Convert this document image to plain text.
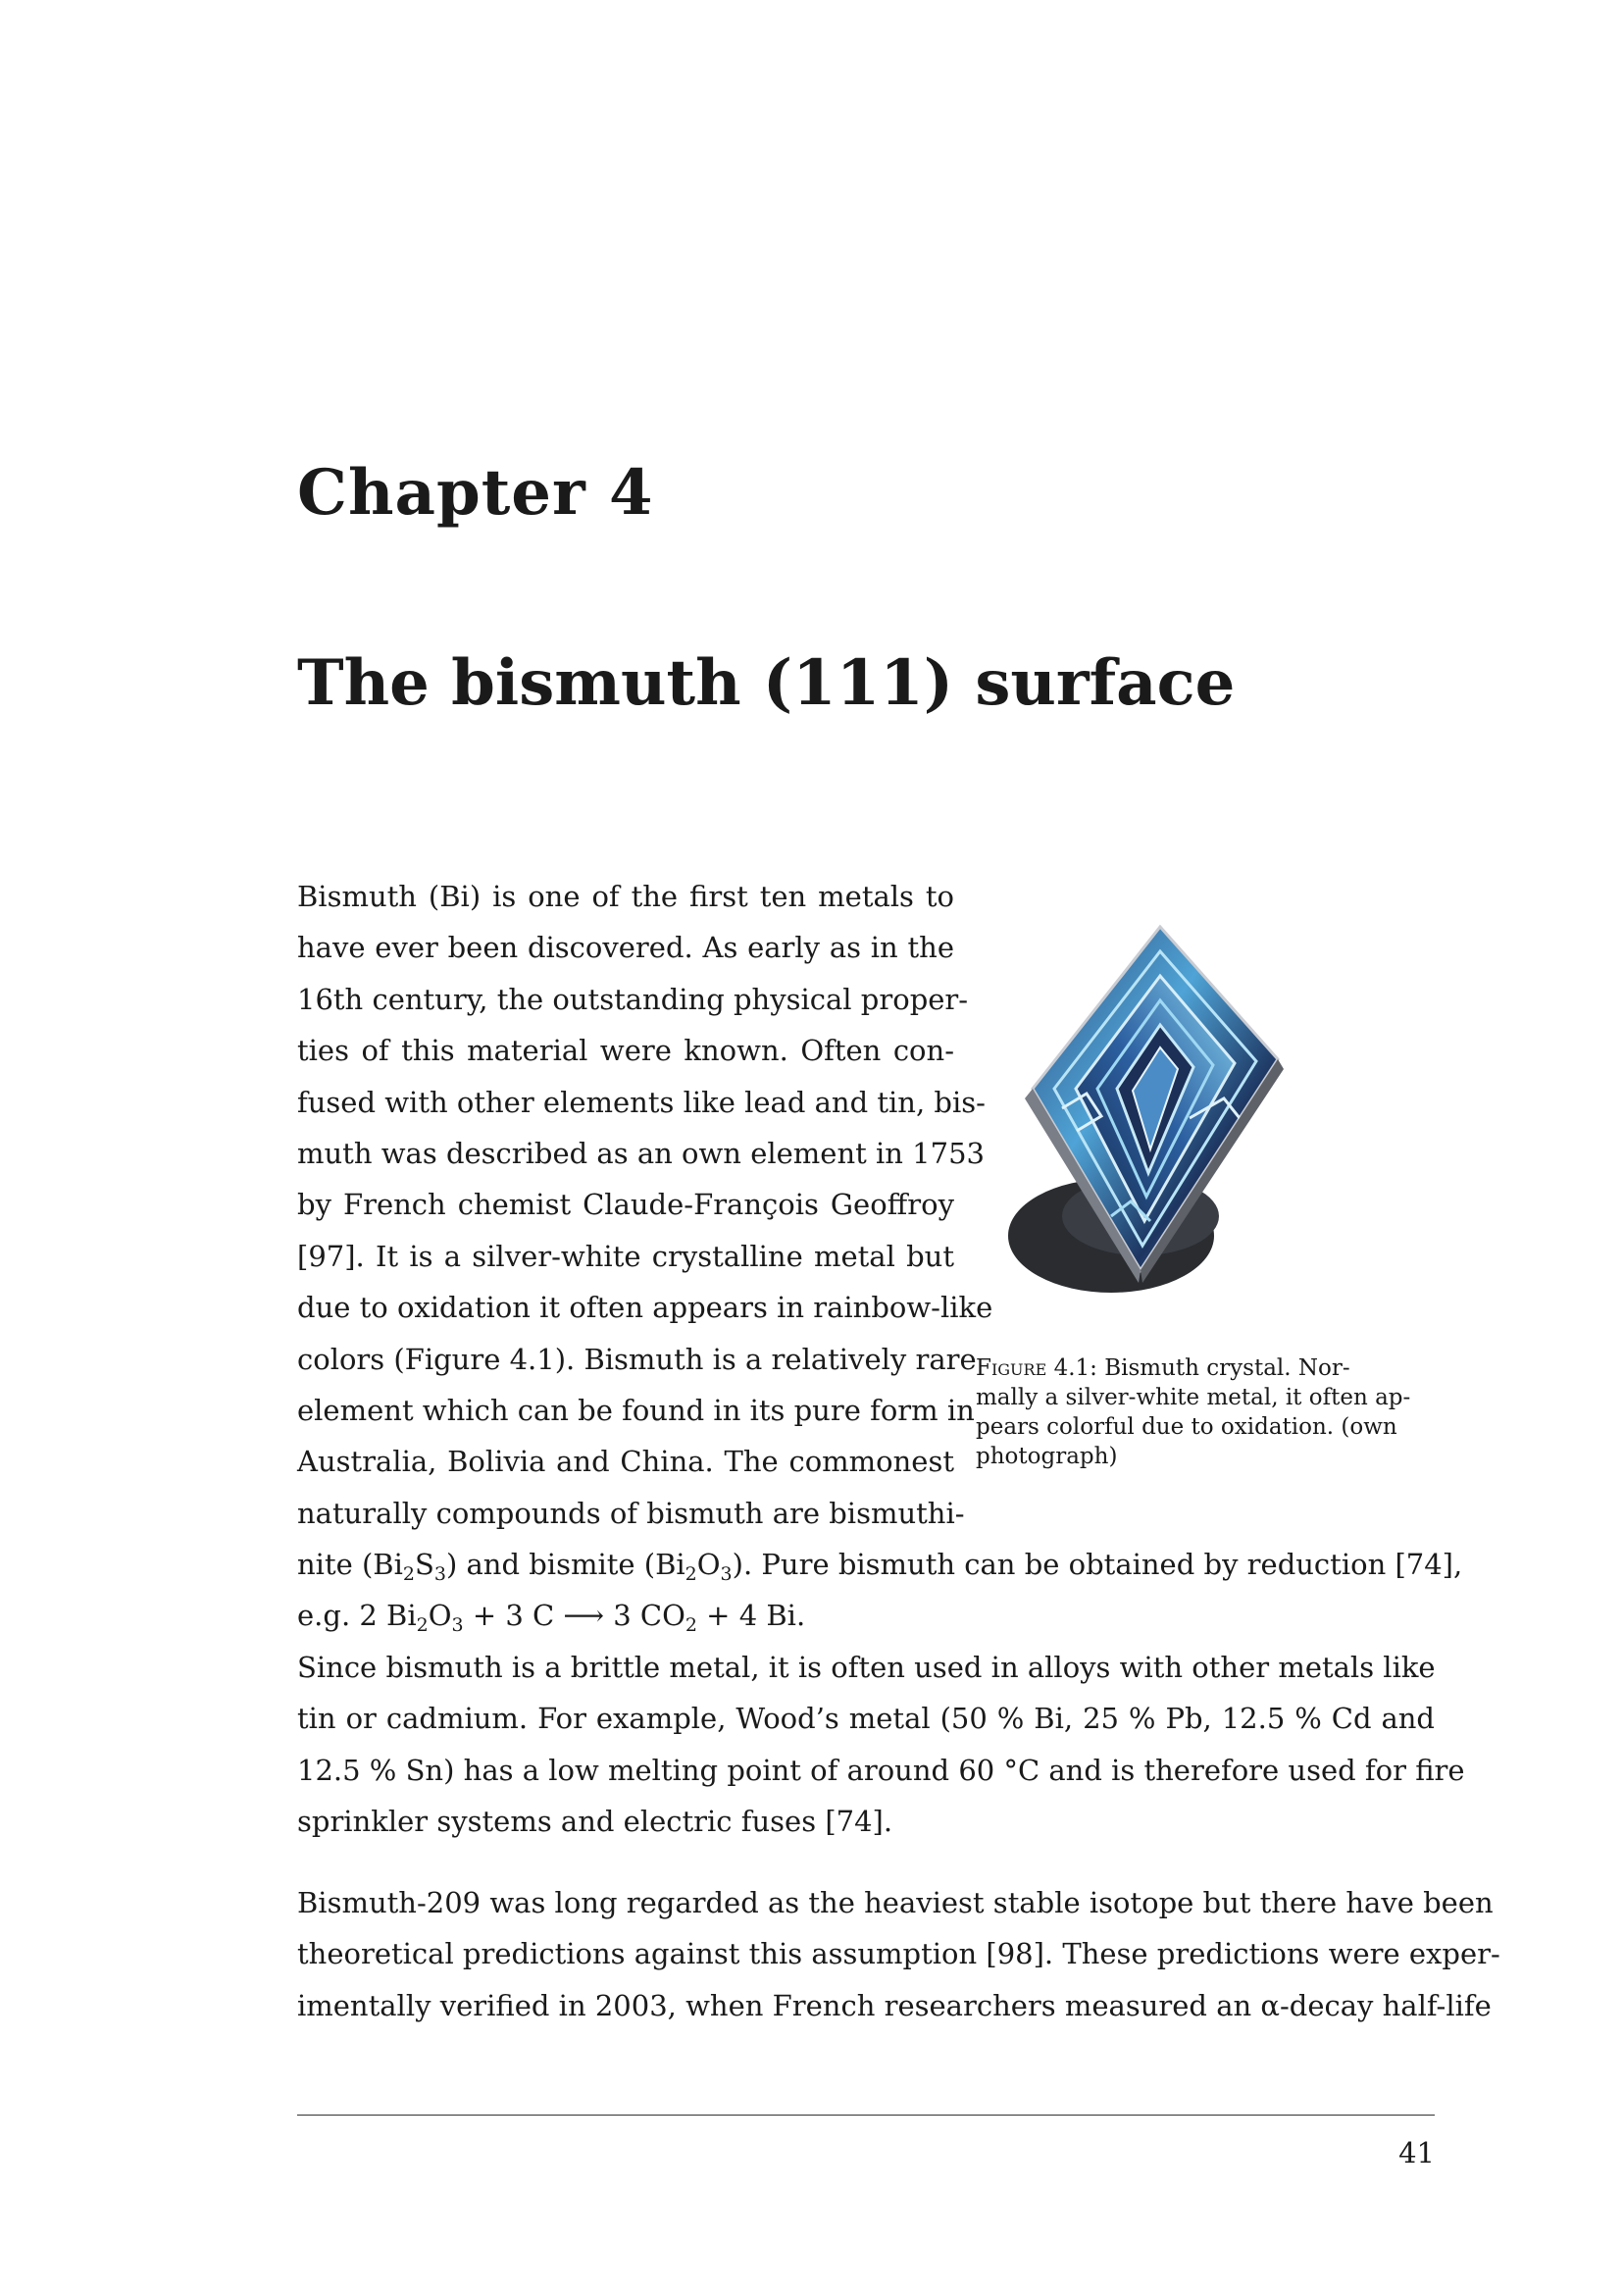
Chapter 4
The bismuth (111) surface
Bismuth (Bi) is one of the first ten metals to
have ever been discovered. As early as in the
16th century, the outstanding physical proper-
ties of this material were known. Often con-
fused with other elements like lead and tin, bis-
muth was described as an own element in 1753
by French chemist Claude-François Geoffroy
[97]. It is a silver-white crystalline metal but
due to oxidation it often appears in rainbow-like
colors (Figure 4.1). Bismuth is a relatively rare
element which can be found in its pure form in
Australia, Bolivia and China. The commonest
naturally compounds of bismuth are bismuthi-
nite $(Bi_2S_3)$ and bismite $(Bi_2O_3)$. Pure bismuth can be obtained by reduction [74],
e.g. 2 $Bi_2O_3 + 3$ C ⟶ 3 $CO_2 + 4$ Bi.
Since bismuth is a brittle metal, it is often used in alloys with other metals like
tin or cadmium. For example, Wood’s metal (50 % Bi, 25 % Pb, 12.5 % Cd and
12.5 % Sn) has a low melting point of around 60 °C and is therefore used for fire
sprinkler systems and electric fuses [74].
Bismuth-209 was long regarded as the heaviest stable isotope but there have been
theoretical predictions against this assumption [98]. These predictions were exper-
imentally verified in 2003, when French researchers measured an α-decay half-life
Figure 4.1: Bismuth crystal. Nor-
mally a silver-white metal, it often ap-
pears colorful due to oxidation. (own
photograph)

41
